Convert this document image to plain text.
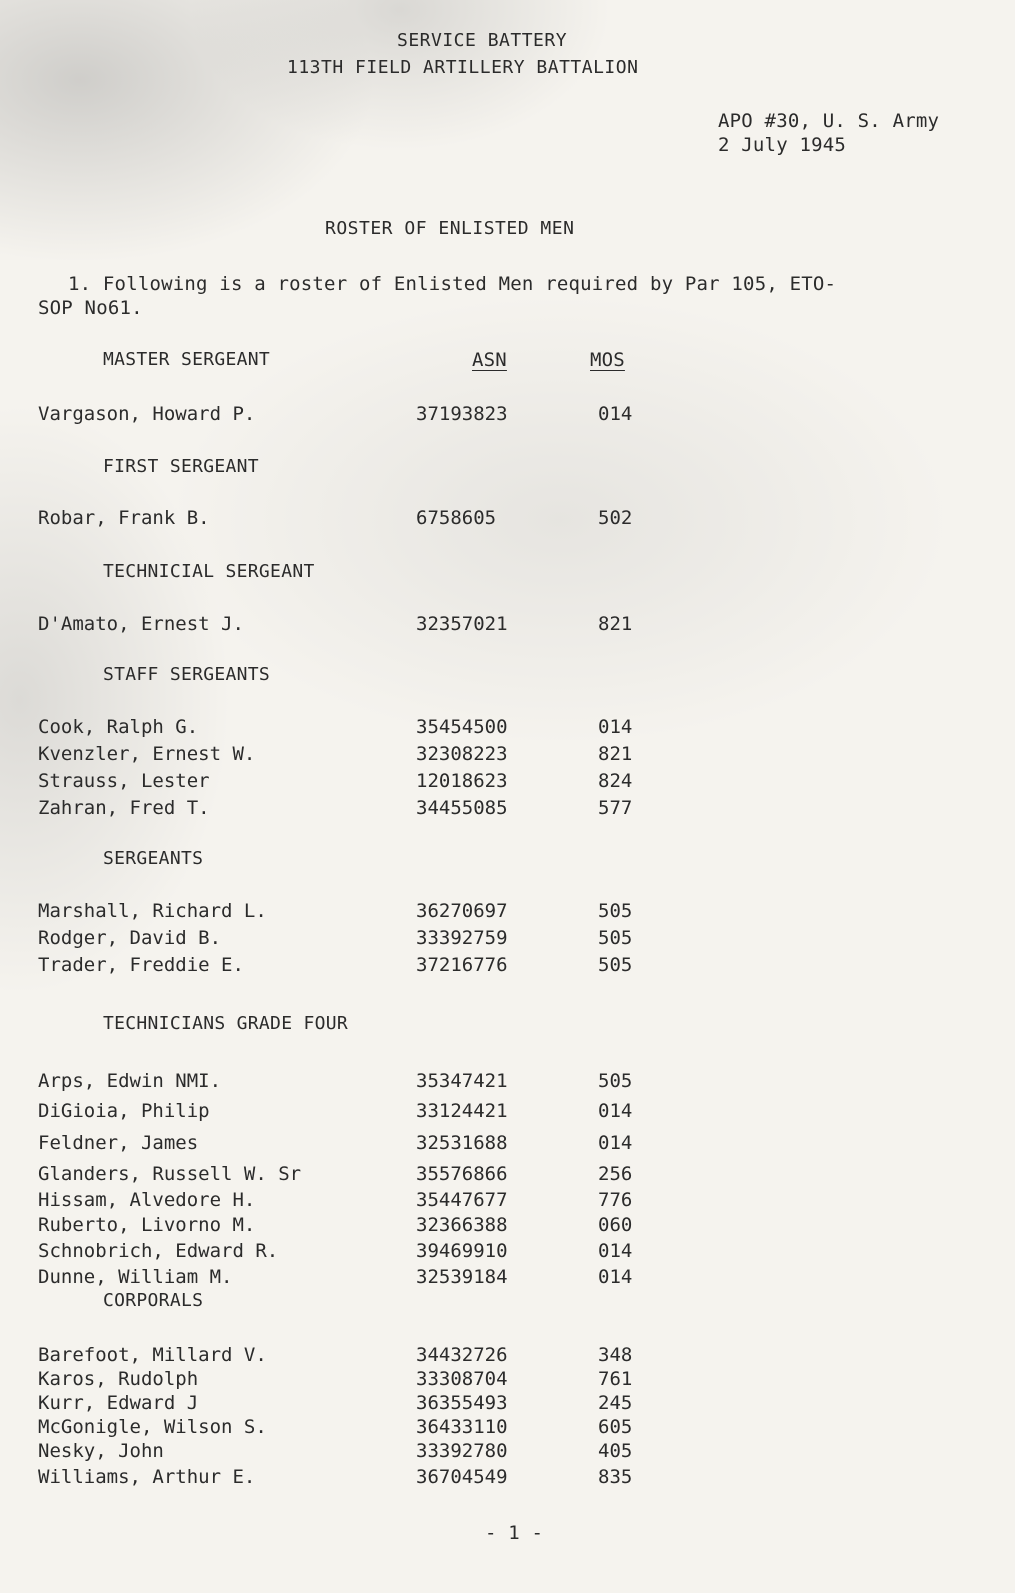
SERVICE BATTERY
113TH FIELD ARTILLERY BATTALION
APO #30, U. S. Army
2 July 1945
ROSTER OF ENLISTED MEN
1. Following is a roster of Enlisted Men required by Par 105, ETO-
SOP No61.
MASTER SERGEANT	ASN	MOS
Vargason, Howard P.	37193823	014
FIRST SERGEANT
Robar, Frank B.	6758605	502
TECHNICIAL SERGEANT
D'Amato, Ernest J.	32357021	821
STAFF SERGEANTS
Cook, Ralph G.	35454500	014
Kvenzler, Ernest W.	32308223	821
Strauss, Lester	12018623	824
Zahran, Fred T.	34455085	577
SERGEANTS
Marshall, Richard L.	36270697	505
Rodger, David B.	33392759	505
Trader, Freddie E.	37216776	505
TECHNICIANS GRADE FOUR
Arps, Edwin NMI.	35347421	505
DiGioia, Philip	33124421	014
Feldner, James	32531688	014
Glanders, Russell W. Sr	35576866	256
Hissam, Alvedore H.	35447677	776
Ruberto, Livorno M.	32366388	060
Schnobrich, Edward R.	39469910	014
Dunne, William M.	32539184	014
CORPORALS
Barefoot, Millard V.	34432726	348
Karos, Rudolph	33308704	761
Kurr, Edward J	36355493	245
McGonigle, Wilson S.	36433110	605
Nesky, John	33392780	405
Williams, Arthur E.	36704549	835
- 1 -
